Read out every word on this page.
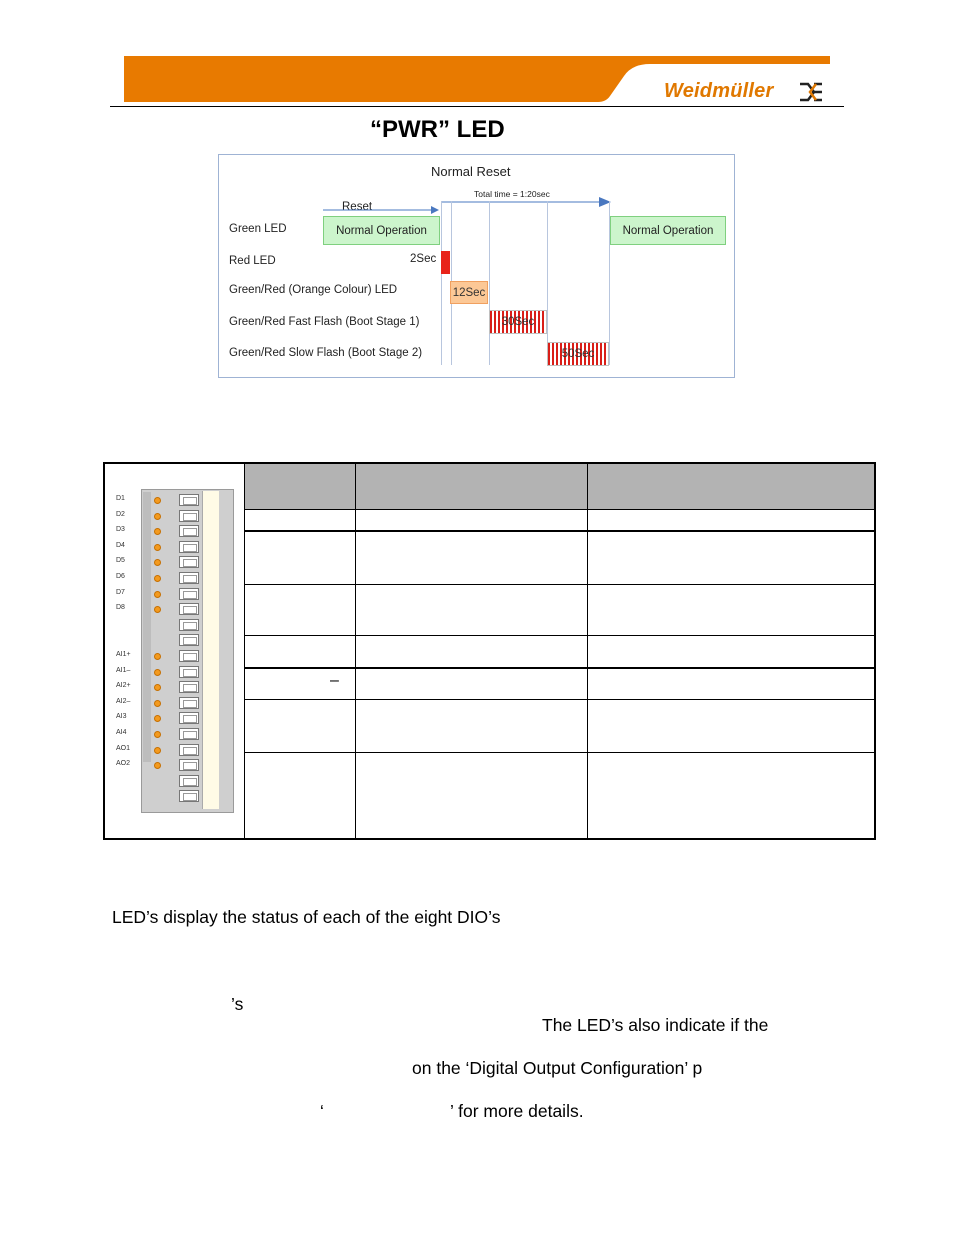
Weidmüller
“PWR” LED
Normal Reset
Total time = 1:20sec
Reset
Green LED
Red LED
Green/Red (Orange Colour) LED
Green/Red Fast Flash (Boot Stage 1)
Green/Red Slow Flash (Boot Stage 2)
Normal Operation	Normal Operation
2Sec
12Sec
30Sec
50Sec
–
D1
D2
D3
D4
D5
D6
D7
D8
AI1+
AI1–
AI2+
AI2–
AI3
AI4
AO1
AO2
LED’s display the status of each of the eight DIO’s
’s
The LED’s also indicate if the
on the ‘Digital Output Configuration’ p
‘	’ for more details.
